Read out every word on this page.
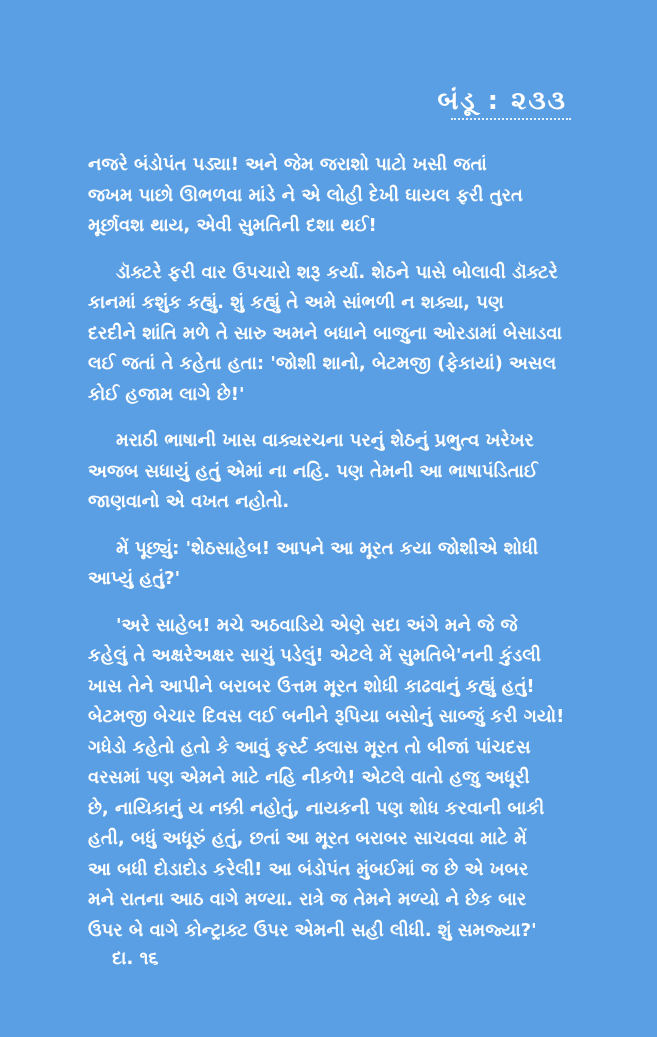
બંડૂ : ૨૩૩

નજરે બંડોપંત પડ્યા! અને જેમ જરાશો પાટો ખસી જતાં
જખમ પાછો ઊભળવા માંડે ને એ લોહી દેખી ઘાયલ ફરી તુરત
મૂર્છાવશ થાય, એવી સુમતિની દશા થઈ!

ડૉક્ટરે ફરી વાર ઉપચારો શરૂ કર્યા. શેઠને પાસે બોલાવી ડૉક્ટરે
કાનમાં કશુંક કહ્યું. શું કહ્યું તે અમે સાંભળી ન શક્યા, પણ
દરદીને શાંતિ મળે તે સારુ અમને બધાને બાજુના ઓરડામાં બેસાડવા
લઈ જતાં તે કહેતા હતા: 'જોશી શાનો, બેટમજી (ફેકાયાં) અસલ
કોઈ હજામ લાગે છે!'

મરાઠી ભાષાની ખાસ વાક્યરચના પરનું શેઠનું પ્રભુત્વ ખરેખર
અજબ સધાયું હતું એમાં ના નહિ. પણ તેમની આ ભાષાપંડિતાઈ
જાણવાનો એ વખત નહોતો.

મેં પૂછ્યું: 'શેઠસાહેબ! આપને આ મૂરત કયા જોશીએ શોધી
આપ્યું હતું?'

'અરે સાહેબ! મચે અઠવાડિયે એણે સદા અંગે મને જે જે
કહેલું તે અક્ષરેઅક્ષર સાચું પડેલું! એટલે મેં સુમતિબે'નની કુંડલી
ખાસ તેને આપીને બરાબર ઉત્તમ મૂરત શોધી કાઢવાનું કહ્યું હતું!
બેટમજી બેચાર દિવસ લઈ બનીને રૂપિયા બસોનું સાબ્જું કરી ગયો!
ગધેડો કહેતો હતો કે આવું ફર્સ્ટ ક્લાસ મૂરત તો બીજાં પાંચદસ
વરસમાં પણ એમને માટે નહિ નીકળે! એટલે વાતો હજુ અધૂરી
છે, નાયિકાનું ય નક્કી નહોતું, નાયકની પણ શોધ કરવાની બાકી
હતી, બધું અધૂરું હતું, છતાં આ મૂરત બરાબર સાચવવા માટે મેં
આ બધી દોડાદોડ કરેલી! આ બંડોપંત મુંબઈમાં જ છે એ ખબર
મને રાતના આઠ વાગે મળ્યા. રાત્રે જ તેમને મળ્યો ને છેક બાર
ઉપર બે વાગે કોન્ટ્રાક્ટ ઉપર એમની સહી લીધી. શું સમજ્યા?'

દા. ૧૬
